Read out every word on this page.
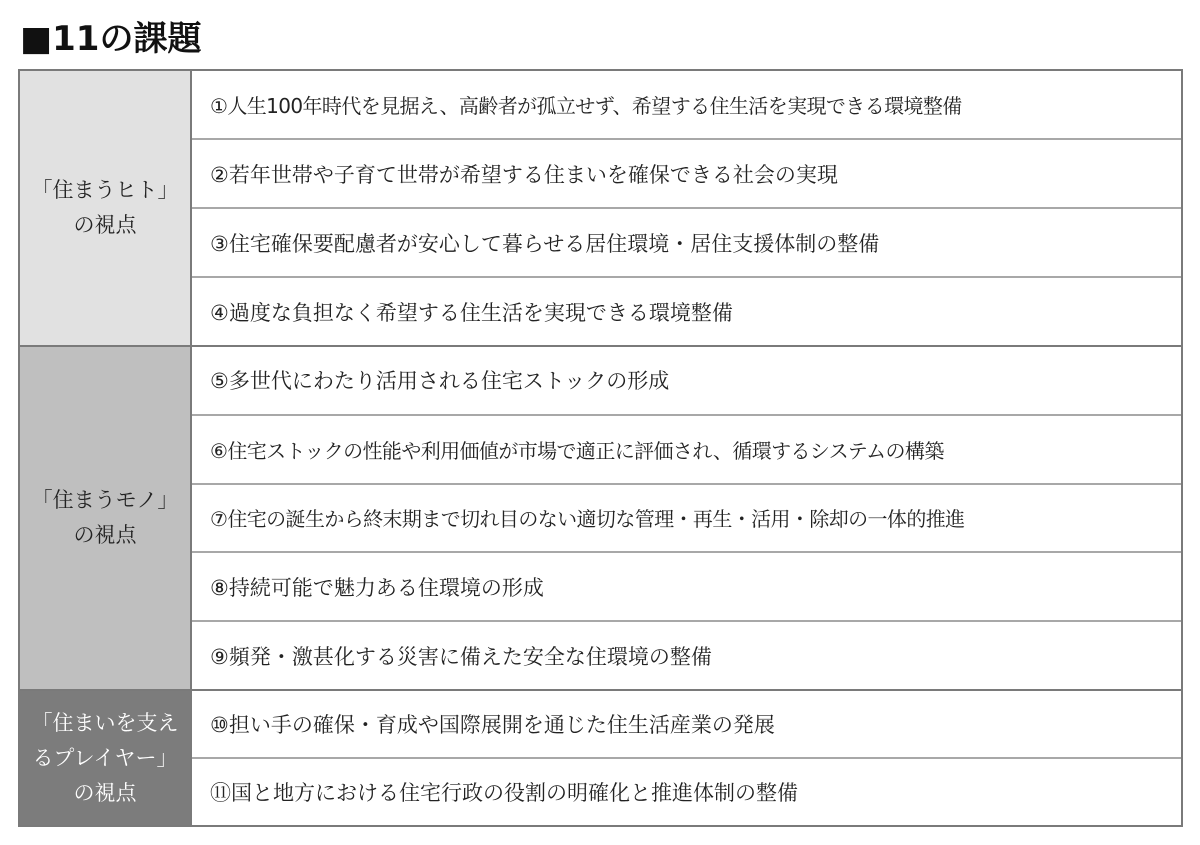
■11の課題
「住まうヒト」
の視点
①人生100年時代を見据え、高齢者が孤立せず、希望する住生活を実現できる環境整備
②若年世帯や子育て世帯が希望する住まいを確保できる社会の実現
③住宅確保要配慮者が安心して暮らせる居住環境・居住支援体制の整備
④過度な負担なく希望する住生活を実現できる環境整備
「住まうモノ」
の視点
⑤多世代にわたり活用される住宅ストックの形成
⑥住宅ストックの性能や利用価値が市場で適正に評価され、循環するシステムの構築
⑦住宅の誕生から終末期まで切れ目のない適切な管理・再生・活用・除却の一体的推進
⑧持続可能で魅力ある住環境の形成
⑨頻発・激甚化する災害に備えた安全な住環境の整備
「住まいを支え
るプレイヤー」
の視点
⑩担い手の確保・育成や国際展開を通じた住生活産業の発展
⑪国と地方における住宅行政の役割の明確化と推進体制の整備
